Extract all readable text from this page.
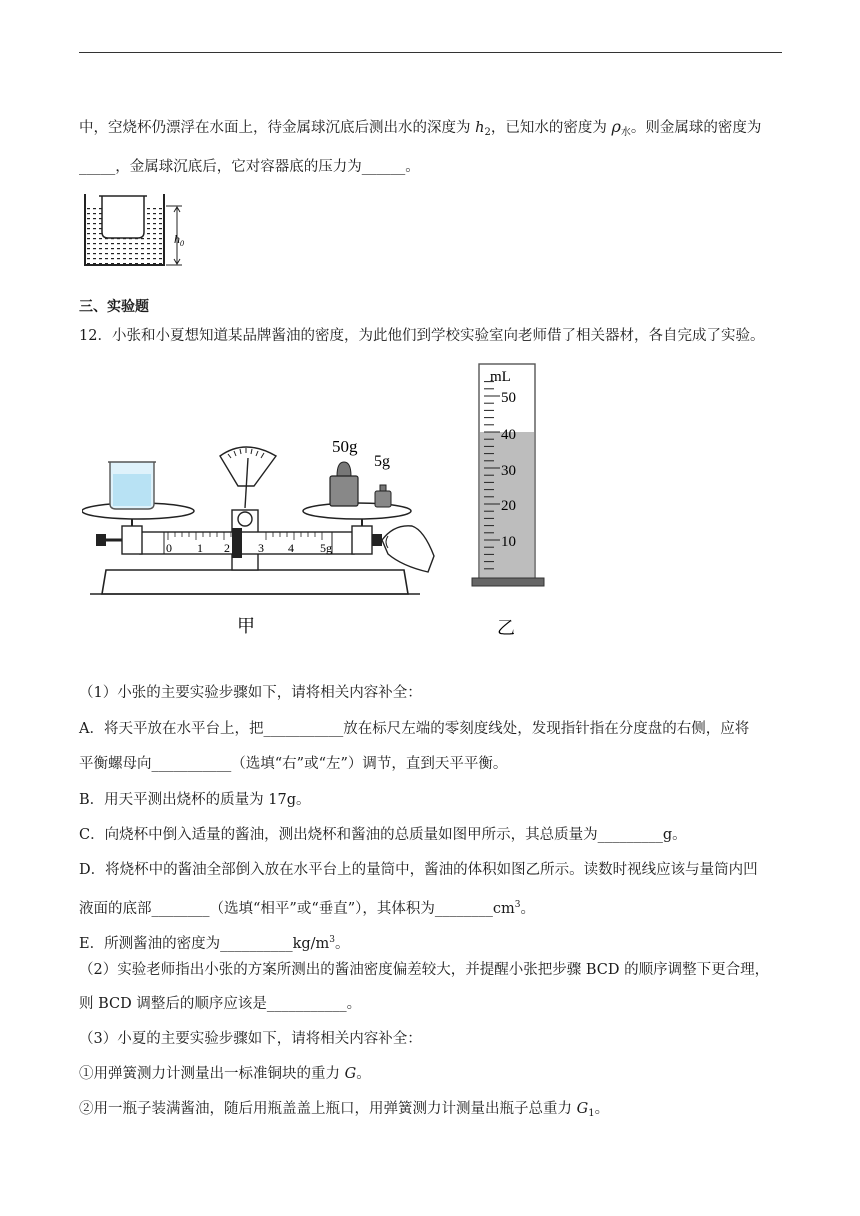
中，空烧杯仍漂浮在水面上，待金属球沉底后测出水的深度为 $h_2$，已知水的密度为 $\rho_水$。则金属球的密度为
_____，金属球沉底后，它对容器底的压力为______。
$h_0$
三、实验题
12．小张和小夏想知道某品牌酱油的密度，为此他们到学校实验室向老师借了相关器材，各自完成了实验。
0 1 2 3 4 5g
50g
5g
甲
mL
50
40
30
20
10
乙
（1）小张的主要实验步骤如下，请将相关内容补全：
A．将天平放在水平台上，把___________放在标尺左端的零刻度线处，发现指针指在分度盘的右侧，应将
平衡螺母向___________（选填“右”或“左”）调节，直到天平平衡。
B．用天平测出烧杯的质量为 17g。
C．向烧杯中倒入适量的酱油，测出烧杯和酱油的总质量如图甲所示，其总质量为_________g。
D．将烧杯中的酱油全部倒入放在水平台上的量筒中，酱油的体积如图乙所示。读数时视线应该与量筒内凹
液面的底部________（选填“相平”或“垂直”），其体积为$\_\_\_\_\_\_\_\_cm^3$。
E．所测酱油的密度为$\_\_\_\_\_\_\_\_\_\_kg/m^3$。
（2）实验老师指出小张的方案所测出的酱油密度偏差较大，并提醒小张把步骤 BCD 的顺序调整下更合理，
则 BCD 调整后的顺序应该是___________。
（3）小夏的主要实验步骤如下，请将相关内容补全：
①用弹簧测力计测量出一标准铜块的重力 G。
②用一瓶子装满酱油，随后用瓶盖盖上瓶口，用弹簧测力计测量出瓶子总重力 $G_1$。
